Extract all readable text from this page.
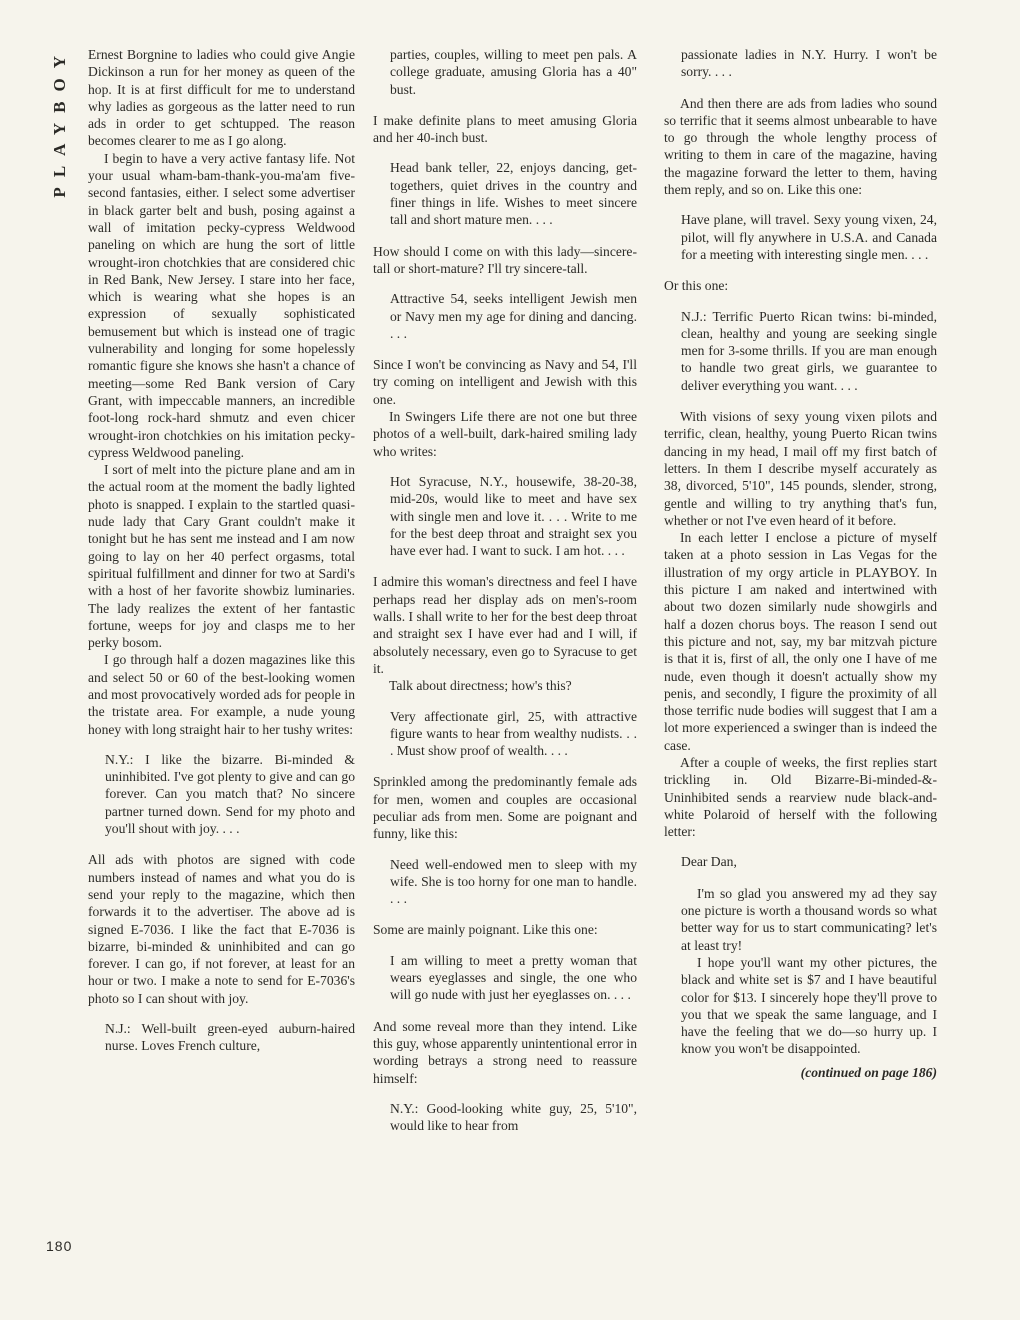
PLAYBOY
180

Ernest Borgnine to ladies who could give Angie Dickinson a run for her money as queen of the hop. It is at first difficult for me to understand why ladies as gorgeous as the latter need to run ads in order to get schtupped. The reason becomes clearer to me as I go along.

I begin to have a very active fantasy life. Not your usual wham-bam-thank-you-ma'am five-second fantasies, either. I select some advertiser in black garter belt and bush, posing against a wall of imitation pecky-cypress Weldwood paneling on which are hung the sort of little wrought-iron chotchkies that are considered chic in Red Bank, New Jersey. I stare into her face, which is wearing what she hopes is an expression of sexually sophisticated bemusement but which is instead one of tragic vulnerability and longing for some hopelessly romantic figure she knows she hasn't a chance of meeting—some Red Bank version of Cary Grant, with impeccable manners, an incredible foot-long rock-hard shmutz and even chicer wrought-iron chotchkies on his imitation pecky-cypress Weldwood paneling.

I sort of melt into the picture plane and am in the actual room at the moment the badly lighted photo is snapped. I explain to the startled quasi-nude lady that Cary Grant couldn't make it tonight but he has sent me instead and I am now going to lay on her 40 perfect orgasms, total spiritual fulfillment and dinner for two at Sardi's with a host of her favorite showbiz luminaries. The lady realizes the extent of her fantastic fortune, weeps for joy and clasps me to her perky bosom.

I go through half a dozen magazines like this and select 50 or 60 of the best-looking women and most provocatively worded ads for people in the tristate area. For example, a nude young honey with long straight hair to her tushy writes:

N.Y.: I like the bizarre. Bi-minded & uninhibited. I've got plenty to give and can go forever. Can you match that? No sincere partner turned down. Send for my photo and you'll shout with joy. . . .

All ads with photos are signed with code numbers instead of names and what you do is send your reply to the magazine, which then forwards it to the advertiser. The above ad is signed E-7036. I like the fact that E-7036 is bizarre, bi-minded & uninhibited and can go forever. I can go, if not forever, at least for an hour or two. I make a note to send for E-7036's photo so I can shout with joy.

N.J.: Well-built green-eyed auburn-haired nurse. Loves French culture,

parties, couples, willing to meet pen pals. A college graduate, amusing Gloria has a 40" bust.

I make definite plans to meet amusing Gloria and her 40-inch bust.

Head bank teller, 22, enjoys dancing, get-togethers, quiet drives in the country and finer things in life. Wishes to meet sincere tall and short mature men. . . .

How should I come on with this lady—sincere-tall or short-mature? I'll try sincere-tall.

Attractive 54, seeks intelligent Jewish men or Navy men my age for dining and dancing. . . .

Since I won't be convincing as Navy and 54, I'll try coming on intelligent and Jewish with this one.

In Swingers Life there are not one but three photos of a well-built, dark-haired smiling lady who writes:

Hot Syracuse, N.Y., housewife, 38-20-38, mid-20s, would like to meet and have sex with single men and love it. . . . Write to me for the best deep throat and straight sex you have ever had. I want to suck. I am hot. . . .

I admire this woman's directness and feel I have perhaps read her display ads on men's-room walls. I shall write to her for the best deep throat and straight sex I have ever had and I will, if absolutely necessary, even go to Syracuse to get it.

Talk about directness; how's this?

Very affectionate girl, 25, with attractive figure wants to hear from wealthy nudists. . . . Must show proof of wealth. . . .

Sprinkled among the predominantly female ads for men, women and couples are occasional peculiar ads from men. Some are poignant and funny, like this:

Need well-endowed men to sleep with my wife. She is too horny for one man to handle. . . .

Some are mainly poignant. Like this one:

I am willing to meet a pretty woman that wears eyeglasses and single, the one who will go nude with just her eyeglasses on. . . .

And some reveal more than they intend. Like this guy, whose apparently unintentional error in wording betrays a strong need to reassure himself:

N.Y.: Good-looking white guy, 25, 5'10", would like to hear from

passionate ladies in N.Y. Hurry. I won't be sorry. . . .

And then there are ads from ladies who sound so terrific that it seems almost unbearable to have to go through the whole lengthy process of writing to them in care of the magazine, having the magazine forward the letter to them, having them reply, and so on. Like this one:

Have plane, will travel. Sexy young vixen, 24, pilot, will fly anywhere in U.S.A. and Canada for a meeting with interesting single men. . . .

Or this one:

N.J.: Terrific Puerto Rican twins: bi-minded, clean, healthy and young are seeking single men for 3-some thrills. If you are man enough to handle two great girls, we guarantee to deliver everything you want. . . .

With visions of sexy young vixen pilots and terrific, clean, healthy, young Puerto Rican twins dancing in my head, I mail off my first batch of letters. In them I describe myself accurately as 38, divorced, 5'10", 145 pounds, slender, strong, gentle and willing to try anything that's fun, whether or not I've even heard of it before.

In each letter I enclose a picture of myself taken at a photo session in Las Vegas for the illustration of my orgy article in PLAYBOY. In this picture I am naked and intertwined with about two dozen similarly nude showgirls and half a dozen chorus boys. The reason I send out this picture and not, say, my bar mitzvah picture is that it is, first of all, the only one I have of me nude, even though it doesn't actually show my penis, and secondly, I figure the proximity of all those terrific nude bodies will suggest that I am a lot more experienced a swinger than is indeed the case.

After a couple of weeks, the first replies start trickling in. Old Bizarre-Bi-minded-&-Uninhibited sends a rearview nude black-and-white Polaroid of herself with the following letter:

Dear Dan,

I'm so glad you answered my ad they say one picture is worth a thousand words so what better way for us to start communicating? let's at least try!

I hope you'll want my other pictures, the black and white set is $7 and I have beautiful color for $13. I sincerely hope they'll prove to you that we speak the same language, and I have the feeling that we do—so hurry up. I know you won't be disappointed.

(continued on page 186)
